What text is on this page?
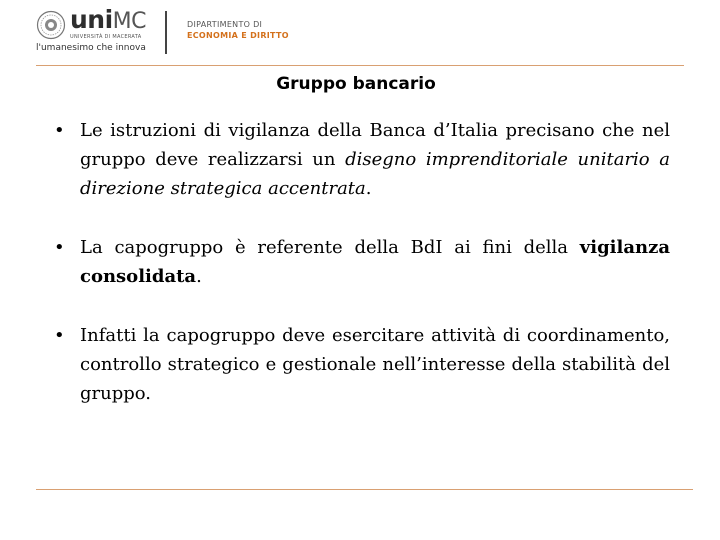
uniMC
UNIVERSITÀ DI MACERATA
l'umanesimo che innova
DIPARTIMENTO DI
ECONOMIA E DIRITTO
Gruppo bancario
• Le istruzioni di vigilanza della Banca d’Italia precisano che nel gruppo deve realizzarsi un disegno imprenditoriale unitario a direzione strategica accentrata.
• La capogruppo è referente della BdI ai fini della vigilanza consolidata.
• Infatti la capogruppo deve esercitare attività di coordinamento, controllo strategico e gestionale nell’interesse della stabilità del gruppo.
